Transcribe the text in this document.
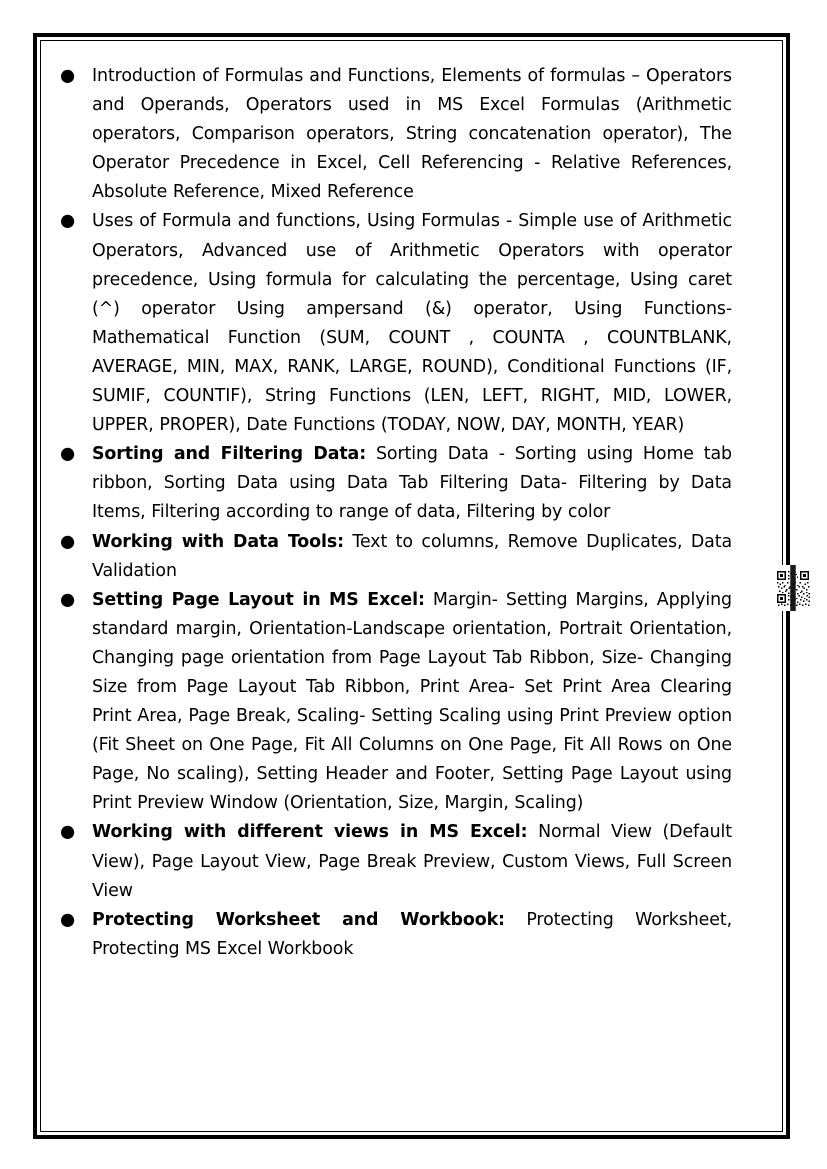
● Introduction of Formulas and Functions, Elements of formulas – Operators and Operands, Operators used in MS Excel Formulas (Arithmetic operators, Comparison operators, String concatenation operator), The Operator Precedence in Excel, Cell Referencing - Relative References, Absolute Reference, Mixed Reference
● Uses of Formula and functions, Using Formulas - Simple use of Arithmetic Operators, Advanced use of Arithmetic Operators with operator precedence, Using formula for calculating the percentage, Using caret (^) operator Using ampersand (&) operator, Using Functions- Mathematical Function (SUM, COUNT , COUNTA , COUNTBLANK, AVERAGE, MIN, MAX, RANK, LARGE, ROUND), Conditional Functions (IF, SUMIF, COUNTIF), String Functions (LEN, LEFT, RIGHT, MID, LOWER, UPPER, PROPER), Date Functions (TODAY, NOW, DAY, MONTH, YEAR)
● Sorting and Filtering Data: Sorting Data - Sorting using Home tab ribbon, Sorting Data using Data Tab Filtering Data- Filtering by Data Items, Filtering according to range of data, Filtering by color
● Working with Data Tools: Text to columns, Remove Duplicates, Data Validation
● Setting Page Layout in MS Excel: Margin- Setting Margins, Applying standard margin, Orientation-Landscape orientation, Portrait Orientation, Changing page orientation from Page Layout Tab Ribbon, Size- Changing Size from Page Layout Tab Ribbon, Print Area- Set Print Area Clearing Print Area, Page Break, Scaling- Setting Scaling using Print Preview option (Fit Sheet on One Page, Fit All Columns on One Page, Fit All Rows on One Page, No scaling), Setting Header and Footer, Setting Page Layout using Print Preview Window (Orientation, Size, Margin, Scaling)
● Working with different views in MS Excel: Normal View (Default View), Page Layout View, Page Break Preview, Custom Views, Full Screen View
● Protecting Worksheet and Workbook: Protecting Worksheet, Protecting MS Excel Workbook
